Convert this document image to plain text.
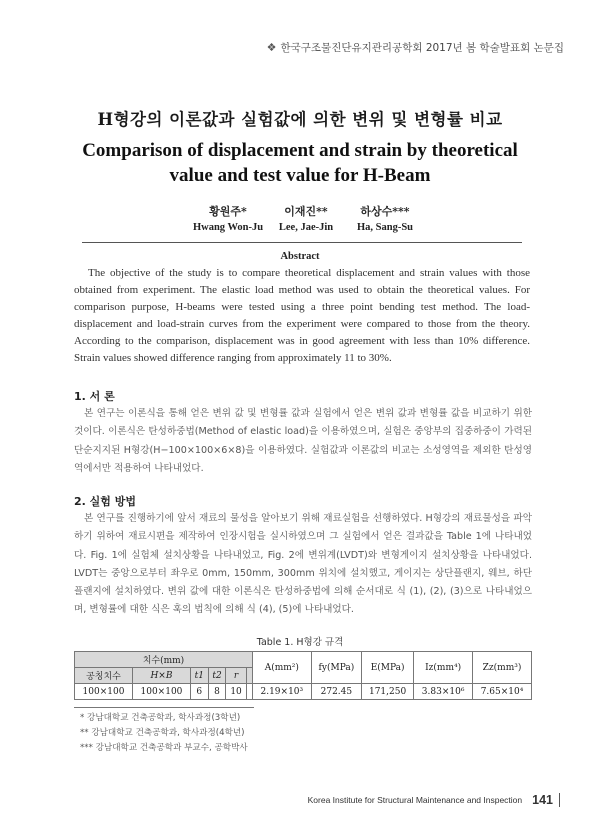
❖ 한국구조물진단유지관리공학회 2017년 봄 학술발표회 논문집
H형강의 이론값과 실험값에 의한 변위 및 변형률 비교
Comparison of displacement and strain by theoretical value and test value for H-Beam
황원주*
Hwang Won-Ju
이재진**
Lee, Jae-Jin
하상수***
Ha, Sang-Su
Abstract
The objective of the study is to compare theoretical displacement and strain values with those obtained from experiment. The elastic load method was used to obtain the theoretical values. For comparison purpose, H-beams were tested using a three point bending test method. The load-displacement and load-strain curves from the experiment were compared to those from the theory. According to the comparison, displacement was in good agreement with less than 10% difference. Strain values showed difference ranging from approximately 11 to 30%.
1. 서 론
본 연구는 이론식을 통해 얻은 변위 값 및 변형률 값과 실험에서 얻은 변위 값과 변형률 값을 비교하기 위한 것이다. 이론식은 탄성하중법(Method of elastic load)을 이용하였으며, 실험은 중앙부의 집중하중이 가력된 단순지지된 H형강(H−100×100×6×8)을 이용하였다. 실험값과 이론값의 비교는 소성영역을 제외한 탄성영역에서만 적용하여 나타내었다.
2. 실험 방법
본 연구를 진행하기에 앞서 재료의 물성을 알아보기 위해 재료실험을 선행하였다. H형강의 재료물성을 파악하기 위하여 재료시편을 제작하여 인장시험을 실시하였으며 그 실험에서 얻은 결과값을 Table 1에 나타내었다. Fig. 1에 실험체 설치상황을 나타내었고, Fig. 2에 변위계(LVDT)와 변형게이지 설치상황을 나타내었다. LVDT는 중앙으로부터 좌우로 0mm, 150mm, 300mm 위치에 설치했고, 게이지는 상단플랜지, 웨브, 하단플랜지에 설치하였다. 변위 값에 대한 이론식은 탄성하중법에 의해 순서대로 식 (1), (2), (3)으로 나타내었으며, 변형률에 대한 식은 훅의 법칙에 의해 식 (4), (5)에 나타내었다.
Table 1. H형강 규격
치수(mm)						A(mm²)	fy(MPa)	E(MPa)	Iz(mm⁴)	Zz(mm³)
공칭치수	H×B	t1	t2	r						
100×100	100×100	6	8	10		2.19×10³	272.45	171,250	3.83×10⁶	7.65×10⁴
* 강남대학교 건축공학과, 학사과정(3학년)
** 강남대학교 건축공학과, 학사과정(4학년)
*** 강남대학교 건축공학과 부교수, 공학박사
Korea Institute for Structural Maintenance and Inspection 141
